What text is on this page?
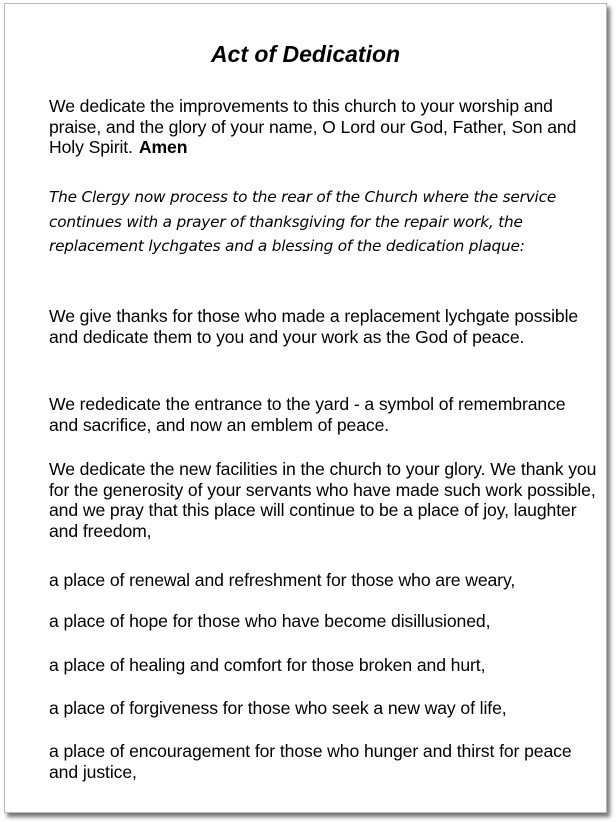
Act of Dedication

We dedicate the improvements to this church to your worship and praise, and the glory of your name, O Lord our God, Father, Son and Holy Spirit. Amen

The Clergy now process to the rear of the Church where the service continues with a prayer of thanksgiving for the repair work, the replacement lychgates and a blessing of the dedication plaque:

We give thanks for those who made a replacement lychgate possible and dedicate them to you and your work as the God of peace.

We rededicate the entrance to the yard - a symbol of remembrance and sacrifice, and now an emblem of peace.

We dedicate the new facilities in the church to your glory. We thank you for the generosity of your servants who have made such work possible, and we pray that this place will continue to be a place of joy, laughter and freedom,

a place of renewal and refreshment for those who are weary,

a place of hope for those who have become disillusioned,

a place of healing and comfort for those broken and hurt,

a place of forgiveness for those who seek a new way of life,

a place of encouragement for those who hunger and thirst for peace and justice,
